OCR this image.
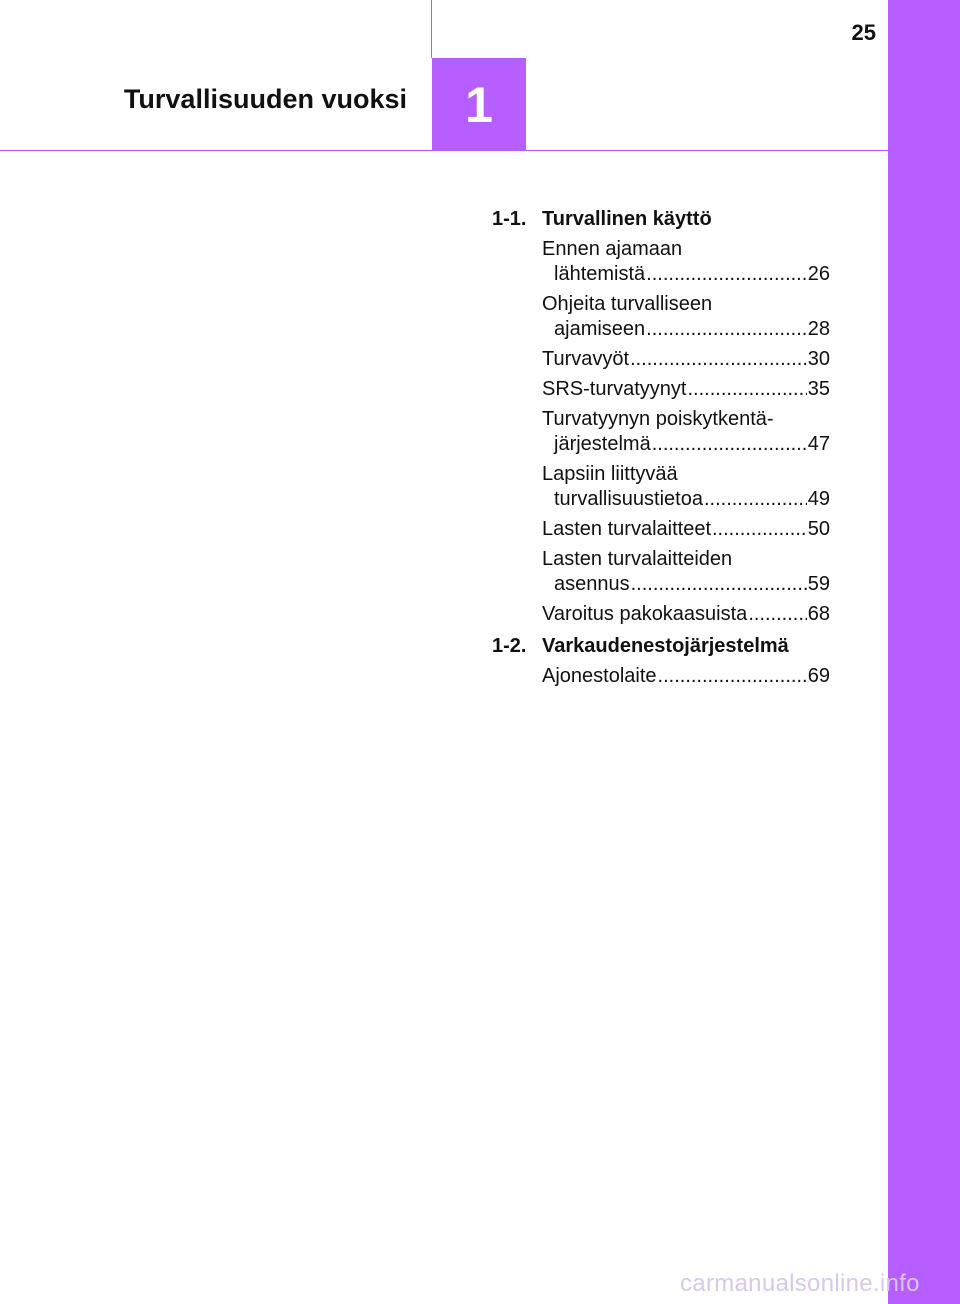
25
Turvallisuuden vuoksi 1
1-1. Turvallinen käyttö
Ennen ajamaan
lähtemistä .....	26
Ohjeita turvalliseen
ajamiseen .....	28
Turvavyöt .....	30
SRS-turvatyynyt .....	35
Turvatyynyn poiskytkentä-
järjestelmä .....	47
Lapsiin liittyvää
turvallisuustietoa .....	49
Lasten turvalaitteet .....	50
Lasten turvalaitteiden
asennus .....	59
Varoitus pakokaasuista .....	68
1-2. Varkaudenestojärjestelmä
Ajonestolaite .....	69
carmanualsonline.info
